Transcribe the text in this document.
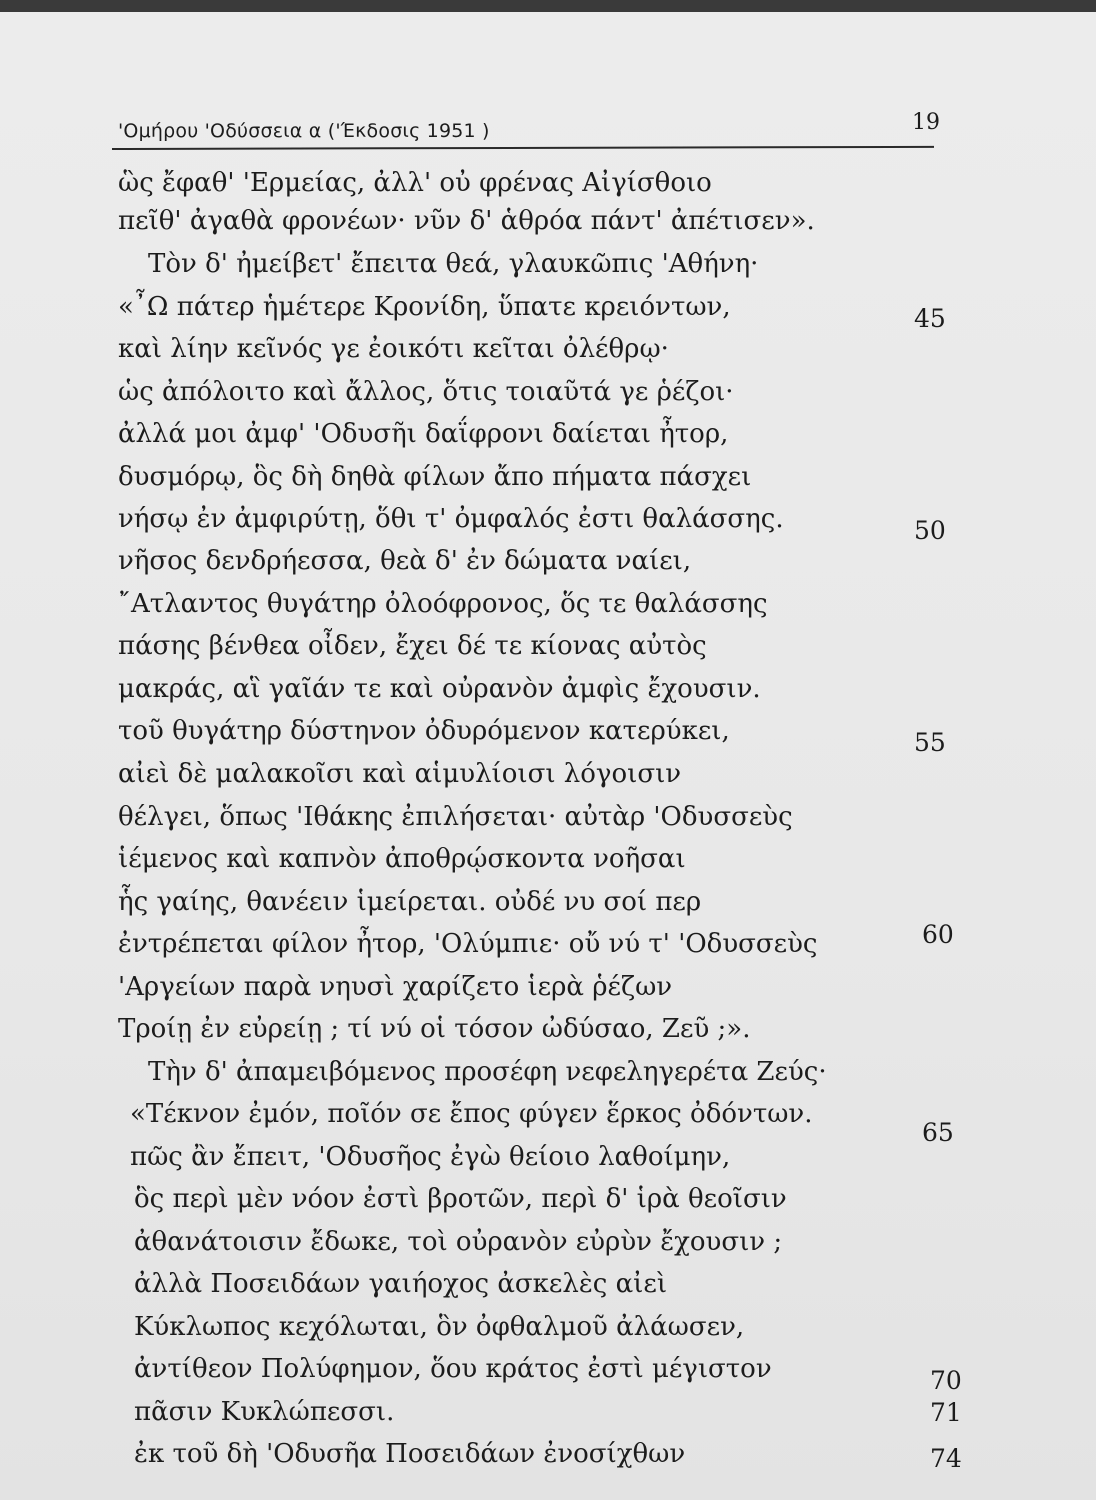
'Ομήρου 'Οδύσσεια α ('Έκδοσις 1951 )	19
ὣς ἔφαθ' 'Ερμείας, ἀλλ' οὐ φρένας Αἰγίσθοιο
πεῖθ' ἀγαθὰ φρονέων· νῦν δ' ἁθρόα πάντ' ἀπέτισεν».
Τὸν δ' ἠμείβετ' ἔπειτα θεά, γλαυκῶπις 'Αθήνη·
«῏Ω πάτερ ἡμέτερε Κρονίδη, ὕπατε κρειόντων,	45
καὶ λίην κεῖνός γε ἐοικότι κεῖται ὀλέθρῳ·
ὡς ἀπόλοιτο καὶ ἄλλος, ὅτις τοιαῦτά γε ῥέζοι·
ἀλλά μοι ἀμφ' 'Οδυσῆι δαΐφρονι δαίεται ἦτορ,
δυσμόρῳ, ὃς δὴ δηθὰ φίλων ἄπο πήματα πάσχει
νήσῳ ἐν ἀμφιρύτῃ, ὅθι τ' ὀμφαλός ἐστι θαλάσσης.	50
νῆσος δενδρήεσσα, θεὰ δ' ἐν δώματα ναίει,
῎Ατλαντος θυγάτηρ ὀλοόφρονος, ὅς τε θαλάσσης
πάσης βένθεα οἶδεν, ἔχει δέ τε κίονας αὐτὸς
μακράς, αἳ γαῖάν τε καὶ οὐρανὸν ἀμφὶς ἔχουσιν.
τοῦ θυγάτηρ δύστηνον ὀδυρόμενον κατερύκει,	55
αἰεὶ δὲ μαλακοῖσι καὶ αἱμυλίοισι λόγοισιν
θέλγει, ὅπως 'Ιθάκης ἐπιλήσεται· αὐτὰρ 'Οδυσσεὺς
ἱέμενος καὶ καπνὸν ἀποθρῴσκοντα νοῆσαι
ἧς γαίης, θανέειν ἱμείρεται. οὐδέ νυ σοί περ
ἐντρέπεται φίλον ἦτορ, 'Ολύμπιε· οὔ νύ τ' 'Οδυσσεὺς	60
'Αργείων παρὰ νηυσὶ χαρίζετο ἱερὰ ῥέζων
Τροίῃ ἐν εὐρείῃ ; τί νύ οἱ τόσον ὠδύσαο, Ζεῦ ;».
Τὴν δ' ἀπαμειβόμενος προσέφη νεφεληγερέτα Ζεύς·
«Τέκνον ἐμόν, ποῖόν σε ἔπος φύγεν ἕρκος ὀδόντων.
πῶς ἂν ἔπειτ, 'Οδυσῆος ἐγὼ θείοιο λαθοίμην,
65
ὃς περὶ μὲν νόον ἐστὶ βροτῶν, περὶ δ' ἱρὰ θεοῖσιν
ἀθανάτοισιν ἔδωκε, τοὶ οὐρανὸν εὐρὺν ἔχουσιν ;
ἀλλὰ Ποσειδάων γαιήοχος ἀσκελὲς αἰεὶ
Κύκλωπος κεχόλωται, ὃν ὀφθαλμοῦ ἀλάωσεν,
ἀντίθεον Πολύφημον, ὅου κράτος ἐστὶ μέγιστον	70
πᾶσιν Κυκλώπεσσι.	71
ἐκ τοῦ δὴ 'Οδυσῆα Ποσειδάων ἐνοσίχθων	74
